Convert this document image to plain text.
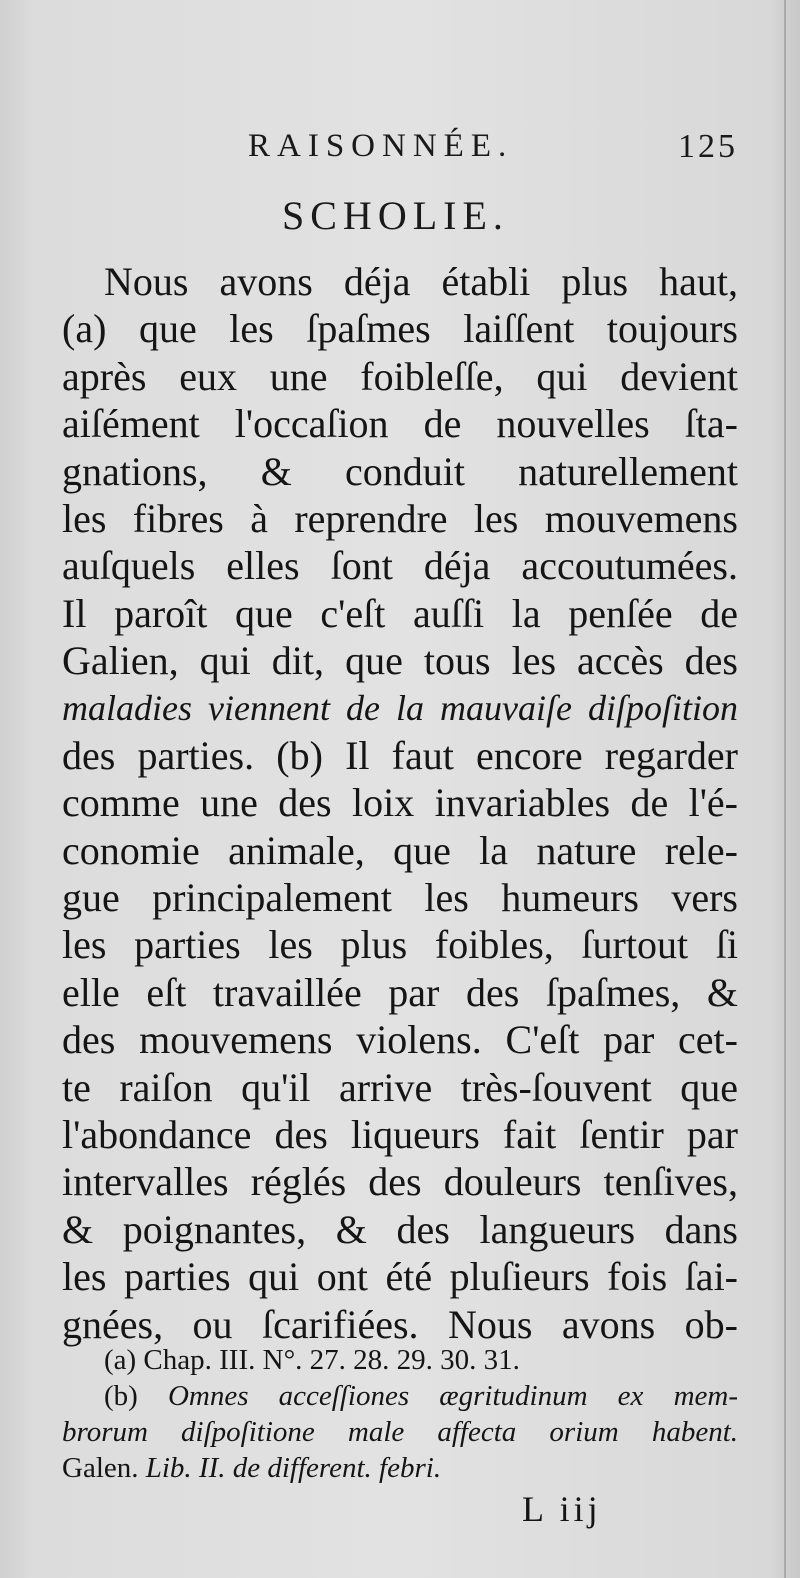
RAISONNÉE.	125
SCHOLIE.
Nous avons déja établi plus haut,
(a) que les ſpaſmes laiſſent toujours
après eux une foibleſſe, qui devient
aiſément l'occaſion de nouvelles ſta-
gnations, & conduit naturellement
les fibres à reprendre les mouvemens
auſquels elles ſont déja accoutumées.
Il paroît que c'eſt auſſi la penſée de
Galien, qui dit, que tous les accès des
maladies viennent de la mauvaiſe diſpoſition
des parties. (b) Il faut encore regarder
comme une des loix invariables de l'é-
conomie animale, que la nature rele-
gue principalement les humeurs vers
les parties les plus foibles, ſurtout ſi
elle eſt travaillée par des ſpaſmes, &
des mouvemens violens. C'eſt par cet-
te raiſon qu'il arrive très-ſouvent que
l'abondance des liqueurs fait ſentir par
intervalles réglés des douleurs tenſives,
& poignantes, & des langueurs dans
les parties qui ont été pluſieurs fois ſai-
gnées, ou ſcarifiées. Nous avons ob-
(a) Chap. III. N°. 27. 28. 29. 30. 31.
(b) Omnes acceſſiones ægritudinum ex mem-
brorum diſpoſitione male affecta orium habent.
Galen. Lib. II. de different. febri.
L iij
